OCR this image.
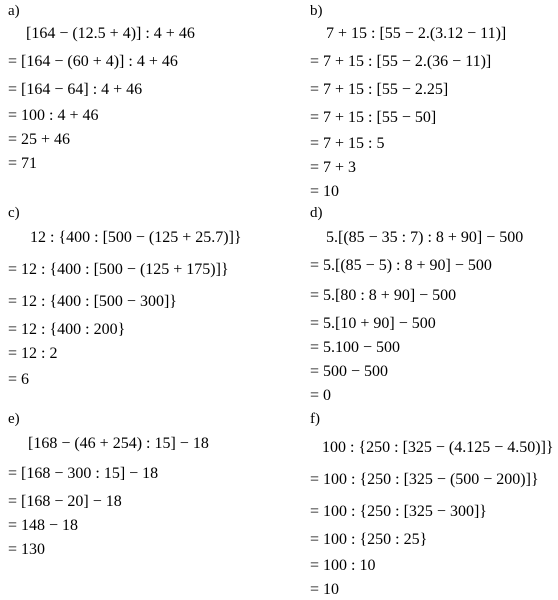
a)
[164 − (12.5 + 4)] : 4 + 46
= [164 − (60 + 4)] : 4 + 46
= [164 − 64] : 4 + 46
= 100 : 4 + 46
= 25 + 46
= 71
b)
7 + 15 : [55 − 2.(3.12 − 11)]
= 7 + 15 : [55 − 2.(36 − 11)]
= 7 + 15 : [55 − 2.25]
= 7 + 15 : [55 − 50]
= 7 + 15 : 5
= 7 + 3
= 10
c)
12 : {400 : [500 − (125 + 25.7)]}
= 12 : {400 : [500 − (125 + 175)]}
= 12 : {400 : [500 − 300]}
= 12 : {400 : 200}
= 12 : 2
= 6
d)
5.[(85 − 35 : 7) : 8 + 90] − 500
= 5.[(85 − 5) : 8 + 90] − 500
= 5.[80 : 8 + 90] − 500
= 5.[10 + 90] − 500
= 5.100 − 500
= 500 − 500
= 0
e)
[168 − (46 + 254) : 15] − 18
= [168 − 300 : 15] − 18
= [168 − 20] − 18
= 148 − 18
= 130
f)
100 : {250 : [325 − (4.125 − 4.50)]}
= 100 : {250 : [325 − (500 − 200)]}
= 100 : {250 : [325 − 300]}
= 100 : {250 : 25}
= 100 : 10
= 10
